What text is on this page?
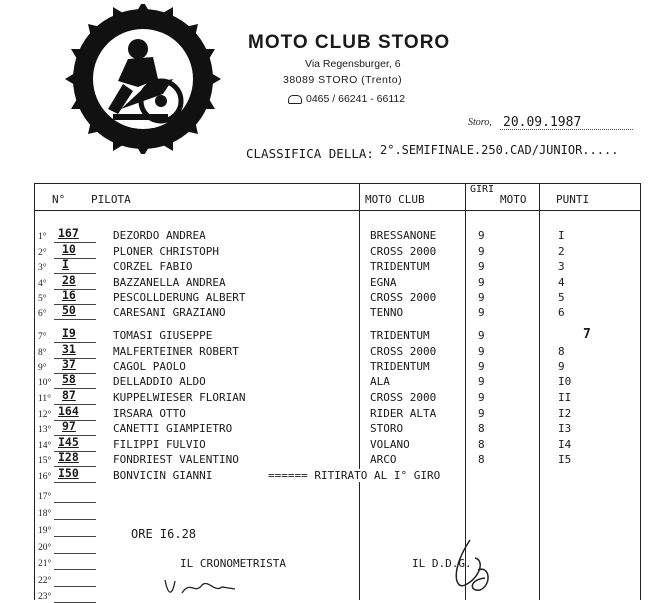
MOTO CLUB STORO
Via Regensburger, 6
38089 STORO (Trento)
0465 / 66241 - 66112
Storo, 20.09.1987
CLASSIFICA DELLA: 2°.SEMIFINALE.250.CAD/JUNIOR.....
N° PILOTA	MOTO CLUB
GIRI
MOTO	PUNTI
1° 167	DEZORDO ANDREA	BRESSANONE	9	I
2° 10	PLONER CHRISTOPH	CROSS 2000	9	2
3° I	CORZEL FABIO	TRIDENTUM	9	3
4° 28	BAZZANELLA ANDREA	EGNA	9	4
5° 16	PESCOLLDERUNG ALBERT	CROSS 2000	9	5
6° 50	CARESANI GRAZIANO	TENNO	9	6
7° I9	TOMASI GIUSEPPE	TRIDENTUM	9	7
8° 31	MALFERTEINER ROBERT	CROSS 2000	9	8
9° 37	CAGOL PAOLO	TRIDENTUM	9	9
10° 58	DELLADDIO ALDO	ALA	9	I0
11° 87	KUPPELWIESER FLORIAN	CROSS 2000	9	II
12° 164	IRSARA OTTO	RIDER ALTA	9	I2
13° 97	CANETTI GIAMPIETRO	STORO	8	I3
14° I45	FILIPPI FULVIO	VOLANO	8	I4
15° I28	FONDRIEST VALENTINO	ARCO	8	I5
16° I50	BONVICIN GIANNI	====== RITIRATO AL I° GIRO
17°
18°
19°
20°
21°
22°
23°
ORE I6.28
IL CRONOMETRISTA	IL D.D.G.
